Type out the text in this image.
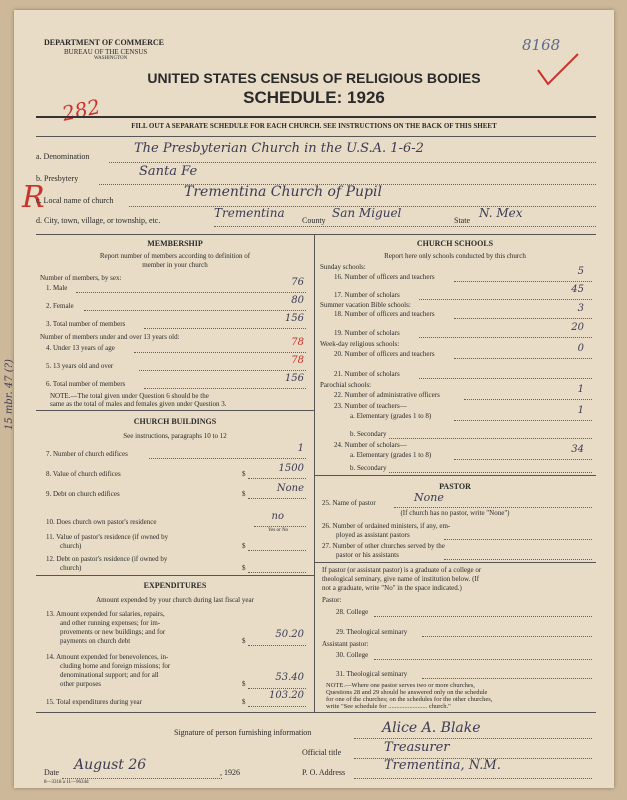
DEPARTMENT OF COMMERCE
BUREAU OF THE CENSUS
WASHINGTON
8168
282
R
UNITED STATES CENSUS OF RELIGIOUS BODIES
SCHEDULE: 1926
FILL OUT A SEPARATE SCHEDULE FOR EACH CHURCH. SEE INSTRUCTIONS ON THE BACK OF THIS SHEET
a. Denomination
The Presbyterian Church in the U.S.A. 1-6-2
b. Presbytery	Santa Fe
c. Local name of church
Trementina Church of Pupil
d. City, town, village, or township, etc.
Trementina
County
San Miguel
State
N. Mex
MEMBERSHIP
Report number of members according to definition of
member in your church
Number of members, by sex:
1. Male	76
2. Female	80
3. Total number of members	156
Number of members under and over 13 years old:
4. Under 13 years of age	78
5. 13 years old and over	78
6. Total number of members	156
NOTE.—The total given under Question 6 should be the
same as the total of males and females given under Question 3.
CHURCH BUILDINGS
See instructions, paragraphs 10 to 12
7. Number of church edifices	1
8. Value of church edifices	$	1500
9. Debt on church edifices	$	None
10. Does church own pastor's residence	no
Yes or No
11. Value of pastor's residence (if owned by
church)	$
12. Debt on pastor's residence (if owned by
church)	$
EXPENDITURES
Amount expended by your church during last fiscal year
13. Amount expended for salaries, repairs,
and other running expenses; for im-
provements or new buildings; and for
payments on church debt	$
50.20
14. Amount expended for benevolences, in-
cluding home and foreign missions; for
denominational support; and for all
other purposes	$
53.40
15. Total expenditures during year	$
103.20
CHURCH SCHOOLS
Report here only schools conducted by this church
Sunday schools:
16. Number of officers and teachers	5
17. Number of scholars	45
Summer vacation Bible schools:
18. Number of officers and teachers	3
19. Number of scholars	20
Week-day religious schools:
20. Number of officers and teachers	0
21. Number of scholars
Parochial schools:
22. Number of administrative officers	1
23. Number of teachers—
a. Elementary (grades 1 to 8)	1
b. Secondary
24. Number of scholars—
a. Elementary (grades 1 to 8)	34
b. Secondary
PASTOR
25. Name of pastor	None
(If church has no pastor, write "None")
26. Number of ordained ministers, if any, em-
ployed as assistant pastors
27. Number of other churches served by the
pastor or his assistants
If pastor (or assistant pastor) is a graduate of a college or
theological seminary, give name of institution below. (If
not a graduate, write "No" in the space indicated.)
Pastor:
28. College
29. Theological seminary
Assistant pastor:
30. College
31. Theological seminary
NOTE.—Where one pastor serves two or more churches,
Questions 28 and 29 should be answered only on the schedule
for one of the churches; on the schedules for the other churches,
write "See schedule for ........................ church."
Signature of person furnishing information	Alice A. Blake
Official title	Treasurer
Date August 26	, 1926
8—3318 a 11—9634d
P. O. Address	Trementina, N.M.
15 mbr. 47 (?)
